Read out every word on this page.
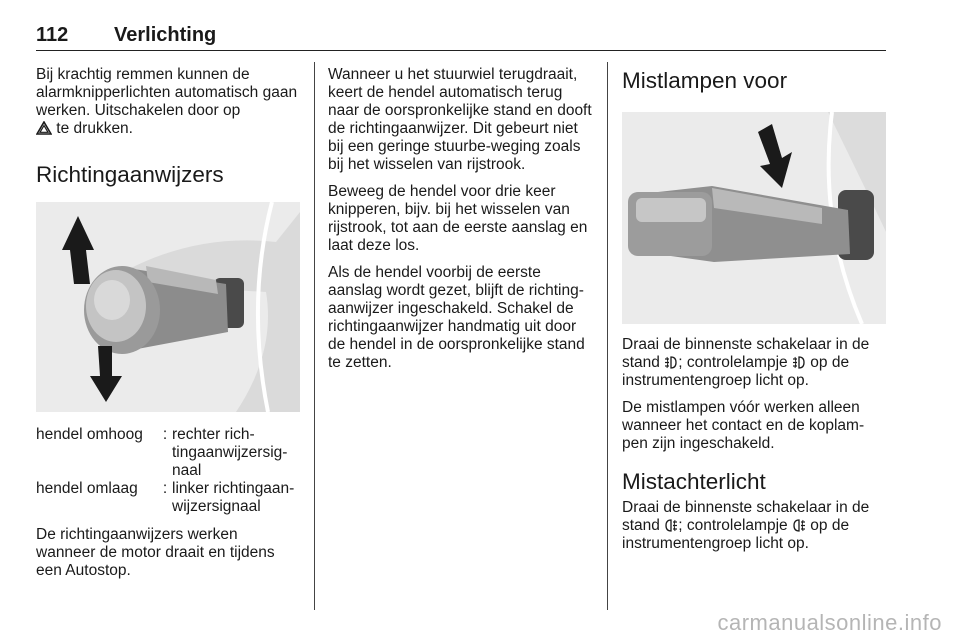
112 Verlichting

Bij krachtig remmen kunnen de alarmknipperlichten automatisch gaan werken. Uitschakelen door op
te drukken.

Richtingaanwijzers
hendel omhoog	: rechter rich-tingaanwijzersig-naal
hendel omlaag	: linker richtingaan-wijzersignaal

De richtingaanwijzers werken wanneer de motor draait en tijdens een Autostop.

Wanneer u het stuurwiel terugdraait, keert de hendel automatisch terug naar de oorspronkelijke stand en dooft de richtingaanwijzer. Dit gebeurt niet bij een geringe stuurbe-weging zoals bij het wisselen van rijstrook.

Beweeg de hendel voor drie keer knipperen, bijv. bij het wisselen van rijstrook, tot aan de eerste aanslag en laat deze los.

Als de hendel voorbij de eerste aanslag wordt gezet, blijft de richting-aanwijzer ingeschakeld. Schakel de richtingaanwijzer handmatig uit door de hendel in de oorspronkelijke stand te zetten.

Mistlampen voor

Draai de binnenste schakelaar in de stand ; controlelampje  op de instrumentengroep licht op.

De mistlampen vóór werken alleen wanneer het contact en de koplam-pen zijn ingeschakeld.

Mistachterlicht

Draai de binnenste schakelaar in de stand ; controlelampje  op de instrumentengroep licht op.

carmanualsonline.info
